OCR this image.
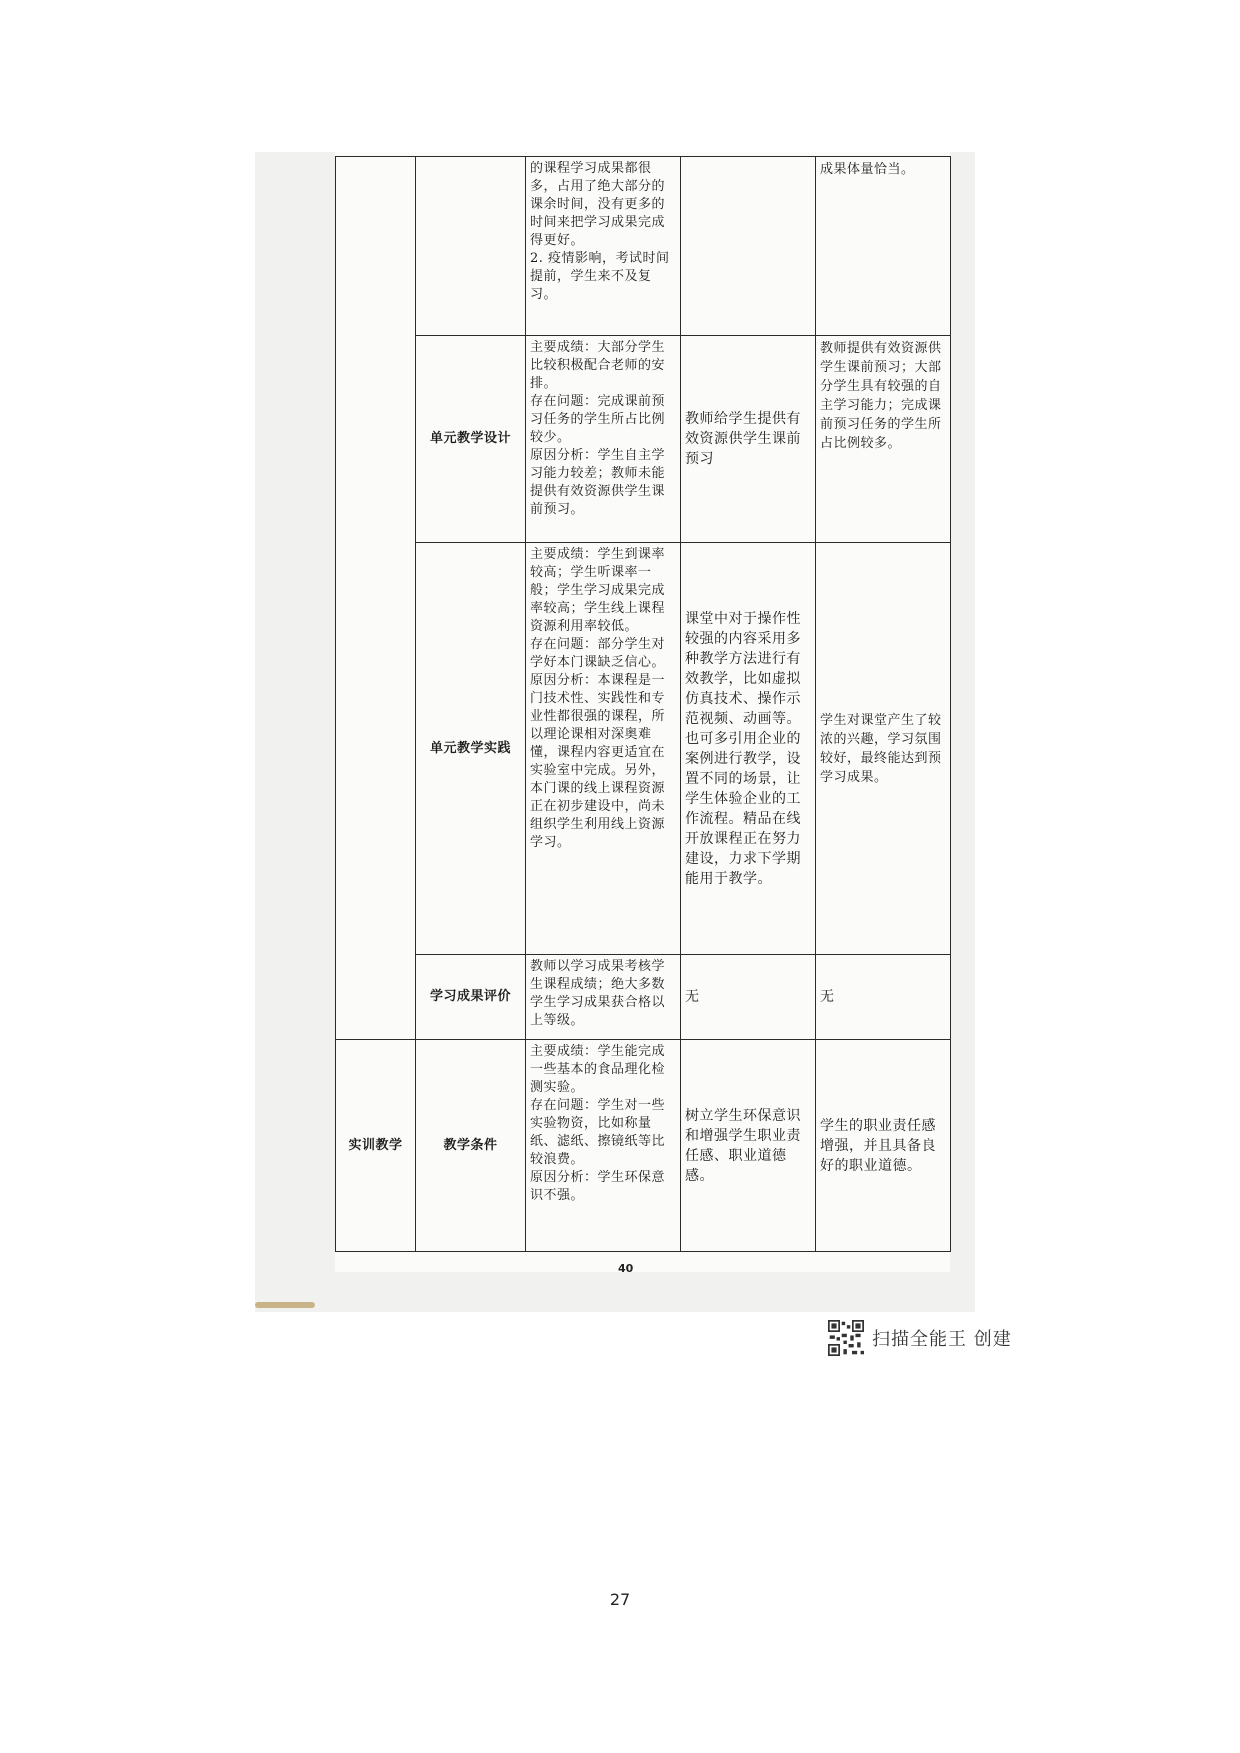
		的课程学习成果都很多，占用了绝大部分的课余时间，没有更多的时间来把学习成果完成得更好。
2. 疫情影响，考试时间提前，学生来不及复习。		成果体量恰当。
	单元教学设计	主要成绩：大部分学生比较积极配合老师的安排。
存在问题：完成课前预习任务的学生所占比例较少。
原因分析：学生自主学习能力较差；教师未能提供有效资源供学生课前预习。	教师给学生提供有效资源供学生课前预习	教师提供有效资源供学生课前预习；大部分学生具有较强的自主学习能力；完成课前预习任务的学生所占比例较多。
	单元教学实践	主要成绩：学生到课率较高；学生听课率一般；学生学习成果完成率较高；学生线上课程资源利用率较低。
存在问题：部分学生对学好本门课缺乏信心。
原因分析：本课程是一门技术性、实践性和专业性都很强的课程，所以理论课相对深奥难懂，课程内容更适宜在实验室中完成。另外，本门课的线上课程资源正在初步建设中，尚未组织学生利用线上资源学习。	课堂中对于操作性较强的内容采用多种教学方法进行有效教学，比如虚拟仿真技术、操作示范视频、动画等。也可多引用企业的案例进行教学，设置不同的场景，让学生体验企业的工作流程。精品在线开放课程正在努力建设，力求下学期能用于教学。	学生对课堂产生了较浓的兴趣，学习氛围较好，最终能达到预学习成果。
	学习成果评价	教师以学习成果考核学生课程成绩；绝大多数学生学习成果获合格以上等级。	无	无
实训教学	教学条件	主要成绩：学生能完成一些基本的食品理化检测实验。
存在问题：学生对一些实验物资，比如称量纸、滤纸、擦镜纸等比较浪费。
原因分析：学生环保意识不强。	树立学生环保意识和增强学生职业责任感、职业道德感。	学生的职业责任感增强，并且具备良好的职业道德。
40
扫描全能王 创建
27
